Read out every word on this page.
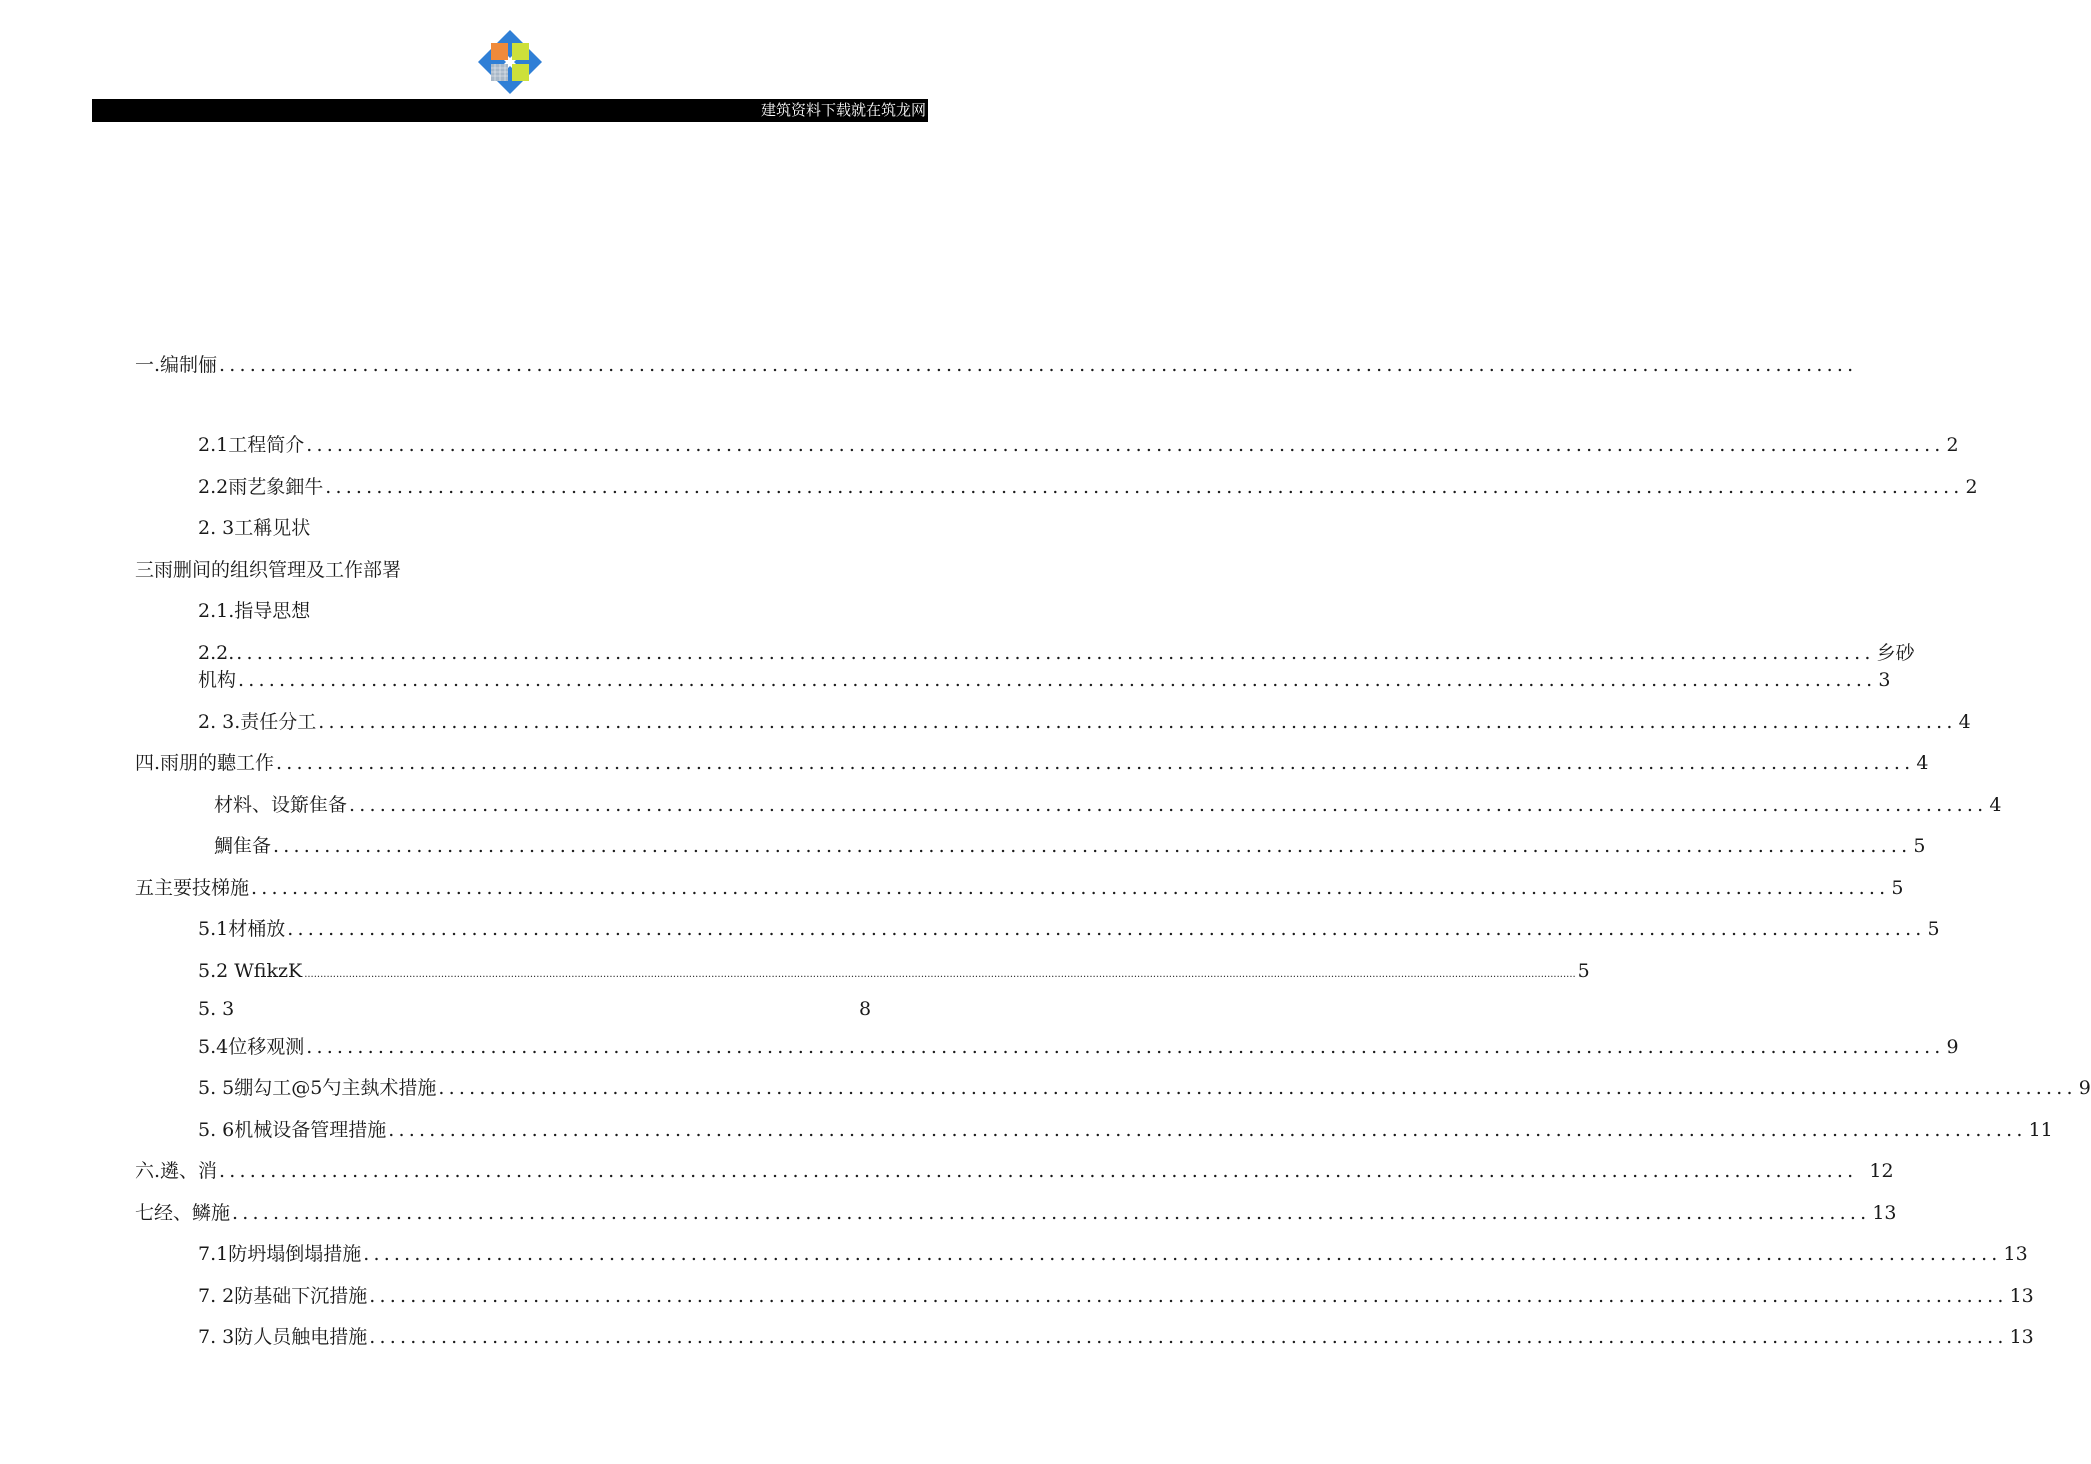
建筑资料下载就在筑龙网
一.编制俪 ................................................................................................................................................................
2.1工程简介 ................................................................................................................................................................ 2
2.2雨艺象鈿牛 ................................................................................................................................................................ 2
2. 3工稱见状
三雨删间的组织管理及工作部署
2.1.指导思想
2.2. ................................................................................................................................................................ 乡砂
机构 ................................................................................................................................................................ 3
2. 3.责任分工 ................................................................................................................................................................ 4
四.雨朋的聽工作 ................................................................................................................................................................ 4
材料、设簛隹备 ................................................................................................................................................................ 4
鯛隹备 ................................................................................................................................................................ 5
五主要技梯施 ................................................................................................................................................................ 5
5.1材桶放 ................................................................................................................................................................ 5
5.2 WfikzK ................................................................................................................................................................................................................................................................................................................................................................................................................ 5
5. 3	8
5.4位移观测 ................................................................................................................................................................ 9
5. 5绷勾工@5勺主埶术措施 ................................................................................................................................................................ 9
5. 6机械设备管理措施 ................................................................................................................................................................ 11
六.遴、消 ................................................................................................................................................................ 12
七经、鳞施 ................................................................................................................................................................ 13
7.1防坍塌倒塌措施 ................................................................................................................................................................ 13
7. 2防基础下沉措施 ................................................................................................................................................................ 13
7. 3防人员触电措施 ................................................................................................................................................................ 13
